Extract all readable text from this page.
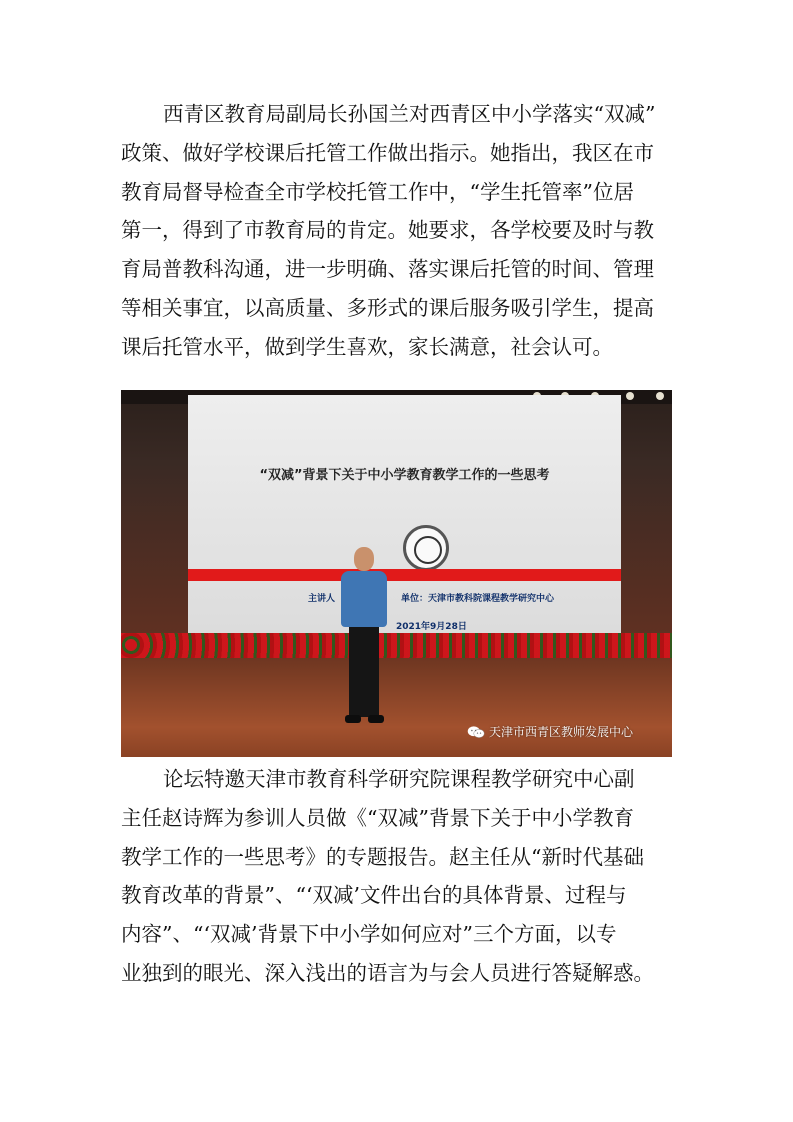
西青区教育局副局长孙国兰对西青区中小学落实“双减”
政策、做好学校课后托管工作做出指示。她指出，我区在市
教育局督导检查全市学校托管工作中，“学生托管率”位居
第一，得到了市教育局的肯定。她要求，各学校要及时与教
育局普教科沟通，进一步明确、落实课后托管的时间、管理
等相关事宜，以高质量、多形式的课后服务吸引学生，提高
课后托管水平，做到学生喜欢，家长满意，社会认可。
“双减”背景下关于中小学教育教学工作的一些思考
主讲人	单位：天津市教科院课程教学研究中心
2021年9月28日
天津市西青区教师发展中心
论坛特邀天津市教育科学研究院课程教学研究中心副
主任赵诗辉为参训人员做《“双减”背景下关于中小学教育
教学工作的一些思考》的专题报告。赵主任从“新时代基础
教育改革的背景”、“‘双减’文件出台的具体背景、过程与
内容”、“‘双减’背景下中小学如何应对”三个方面，以专
业独到的眼光、深入浅出的语言为与会人员进行答疑解惑。
